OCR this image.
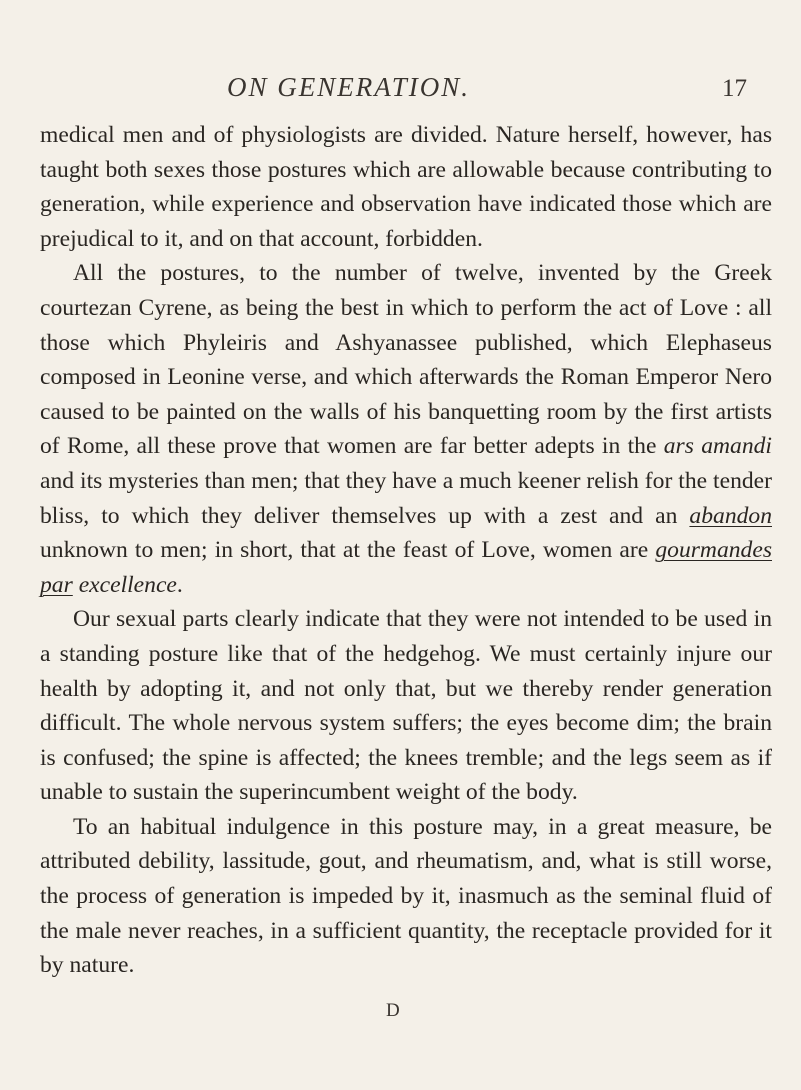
ON GENERATION.	17

medical men and of physiologists are divided. Nature herself, however, has taught both sexes those postures which are allowable because contributing to generation, while experience and observation have indicated those which are prejudical to it, and on that account, forbidden.

All the postures, to the number of twelve, invented by the Greek courtezan Cyrene, as being the best in which to perform the act of Love : all those which Phyleiris and Ashyanassee published, which Elephaseus composed in Leonine verse, and which afterwards the Roman Emperor Nero caused to be painted on the walls of his banquetting room by the first artists of Rome, all these prove that women are far better adepts in the ars amandi and its mysteries than men; that they have a much keener relish for the tender bliss, to which they deliver themselves up with a zest and an abandon unknown to men; in short, that at the feast of Love, women are gourmandes par excellence.

Our sexual parts clearly indicate that they were not intended to be used in a standing posture like that of the hedgehog. We must certainly injure our health by adopting it, and not only that, but we thereby render generation difficult. The whole nervous system suffers; the eyes become dim; the brain is confused; the spine is affected; the knees tremble; and the legs seem as if unable to sustain the superincumbent weight of the body.

To an habitual indulgence in this posture may, in a great measure, be attributed debility, lassitude, gout, and rheumatism, and, what is still worse, the process of generation is impeded by it, inasmuch as the seminal fluid of the male never reaches, in a sufficient quantity, the receptacle provided for it by nature.

D
